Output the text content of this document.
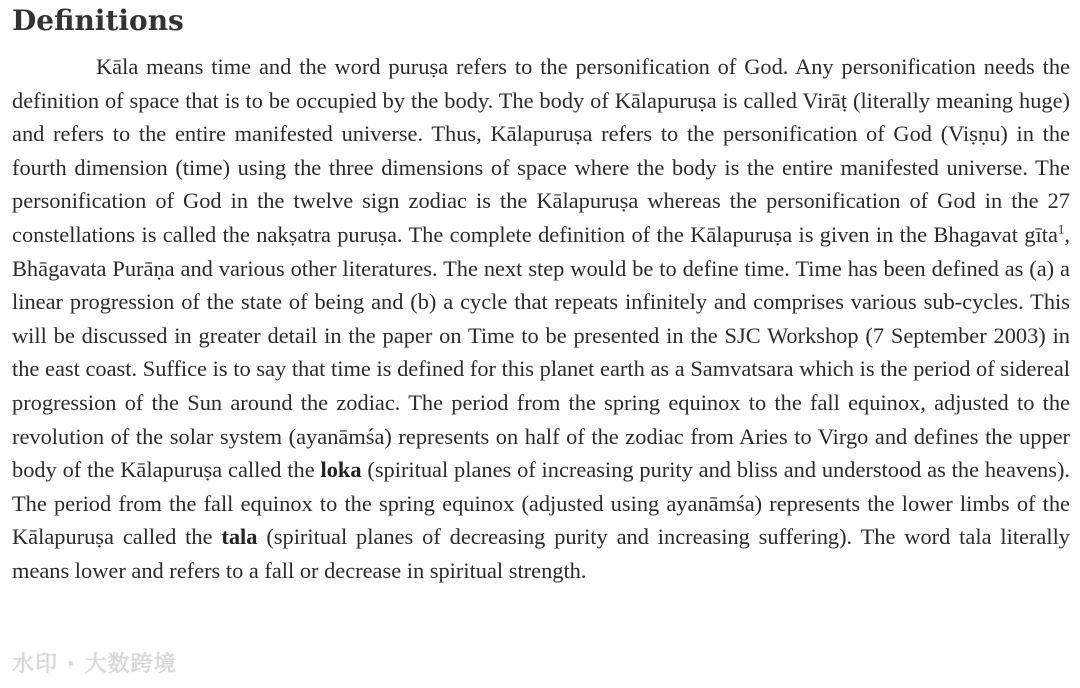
Definitions

Kāla means time and the word puruṣa refers to the personification of God. Any personification needs the definition of space that is to be occupied by the body. The body of Kālapuruṣa is called Virāṭ (literally meaning huge) and refers to the entire manifested universe. Thus, Kālapuruṣa refers to the personification of God (Viṣṇu) in the fourth dimension (time) using the three dimensions of space where the body is the entire manifested universe. The personification of God in the twelve sign zodiac is the Kālapuruṣa whereas the personification of God in the 27 constellations is called the nakṣatra puruṣa. The complete definition of the Kālapuruṣa is given in the Bhagavat gīta$^1$, Bhāgavata Purāṇa and various other literatures. The next step would be to define time. Time has been defined as (a) a linear progression of the state of being and (b) a cycle that repeats infinitely and comprises various sub-cycles. This will be discussed in greater detail in the paper on Time to be presented in the SJC Workshop (7 September 2003) in the east coast. Suffice is to say that time is defined for this planet earth as a Samvatsara which is the period of sidereal progression of the Sun around the zodiac. The period from the spring equinox to the fall equinox, adjusted to the revolution of the solar system (ayanāmśa) represents on half of the zodiac from Aries to Virgo and defines the upper body of the Kālapuruṣa called the loka (spiritual planes of increasing purity and bliss and understood as the heavens). The period from the fall equinox to the spring equinox (adjusted using ayanāmśa) represents the lower limbs of the Kālapuruṣa called the tala (spiritual planes of decreasing purity and increasing suffering). The word tala literally means lower and refers to a fall or decrease in spiritual strength.

水印 · 大数跨境
